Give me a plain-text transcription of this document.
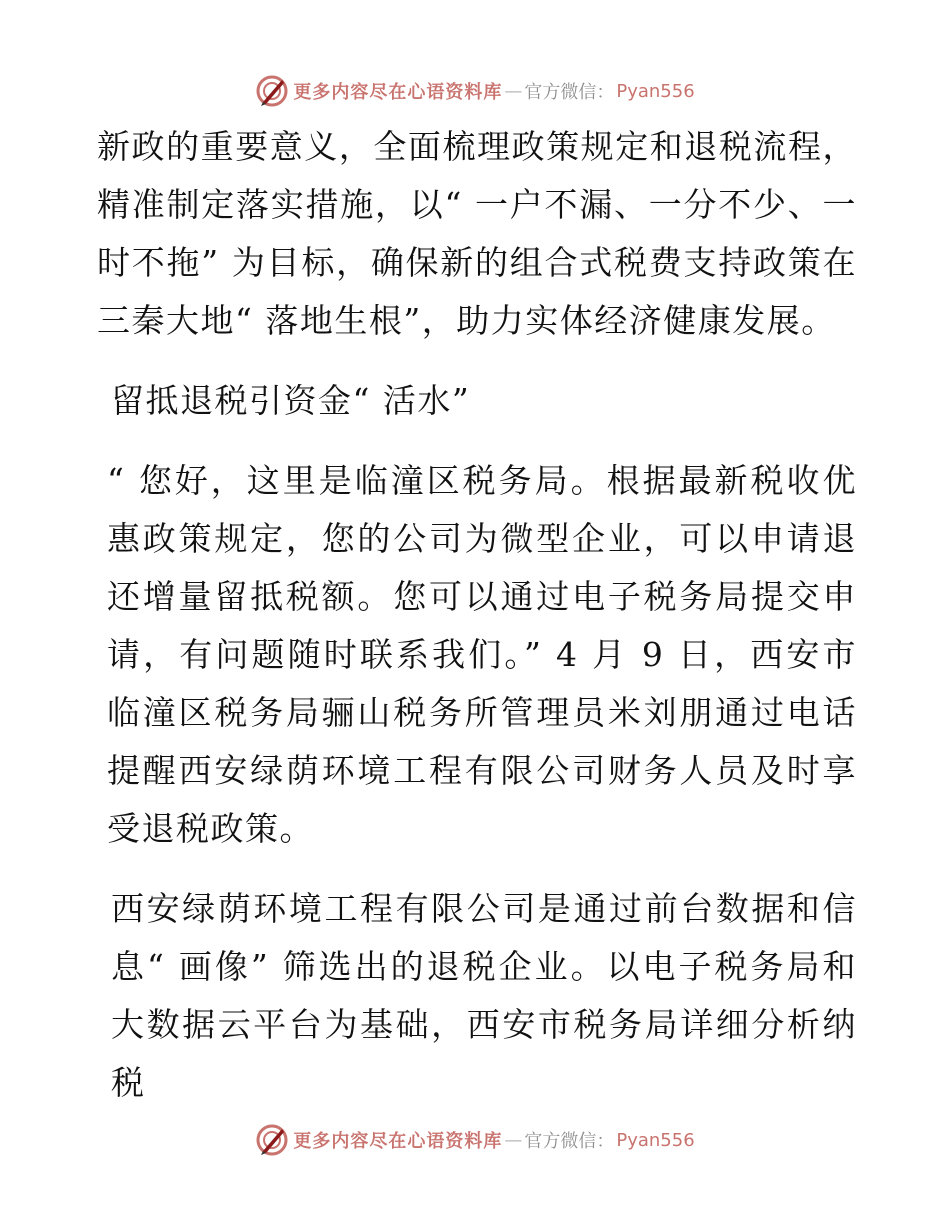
更多内容尽在心语资料库 — 官方微信： Pyan556

新政的重要意义，全面梳理政策规定和退税流程，精准制定落实措施，以“ 一户不漏、一分不少、一时不拖” 为目标，确保新的组合式税费支持政策在三秦大地“ 落地生根”，助力实体经济健康发展。

留抵退税引资金“ 活水”

“ 您好，这里是临潼区税务局。根据最新税收优惠政策规定，您的公司为微型企业，可以申请退还增量留抵税额。您可以通过电子税务局提交申请，有问题随时联系我们。” 4 月 9 日，西安市临潼区税务局骊山税务所管理员米刘朋通过电话提醒西安绿荫环境工程有限公司财务人员及时享受退税政策。

西安绿荫环境工程有限公司是通过前台数据和信息“ 画像” 筛选出的退税企业。以电子税务局和大数据云平台为基础，西安市税务局详细分析纳税

更多内容尽在心语资料库 — 官方微信： Pyan556
